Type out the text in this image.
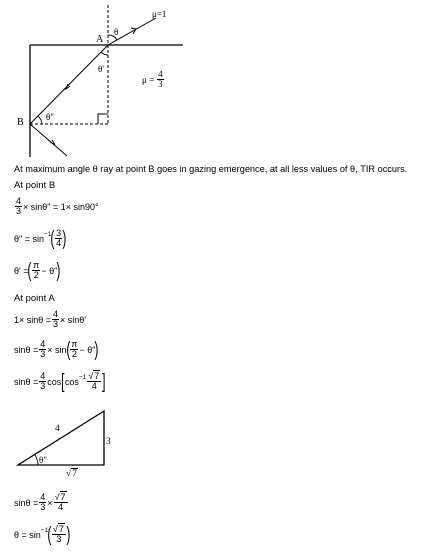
A
B
θ
θ'
θ"
μ=1
$\mu = \frac{4}{3}$
At maximum angle θ ray at point B goes in gazing emergence, at all less values of θ, TIR occurs.
At point B
$\frac{4}{3} \times \sin\theta$" = 1× sin90°
θ" = sin −1 ( $\frac{3}{4}$ )
θ' = ( $\frac{\pi}{2} - \theta$" )
At point A
$1\times \sin\theta = \frac{4}{3} \times \sin\theta'$
$\sin\theta = \frac{4}{3} \times \sin$ ( $\frac{\pi}{2} - \theta$" )
$\sin\theta = \frac{4}{3}$ cos [ $\cos -1 \frac{√7}{4}$ ]
4
3
θ"
√7
$\sin\theta = \frac{4}{3} \times \frac{√7}{4}$
θ = sin −1 ( $\frac{√7}{3}$ )
